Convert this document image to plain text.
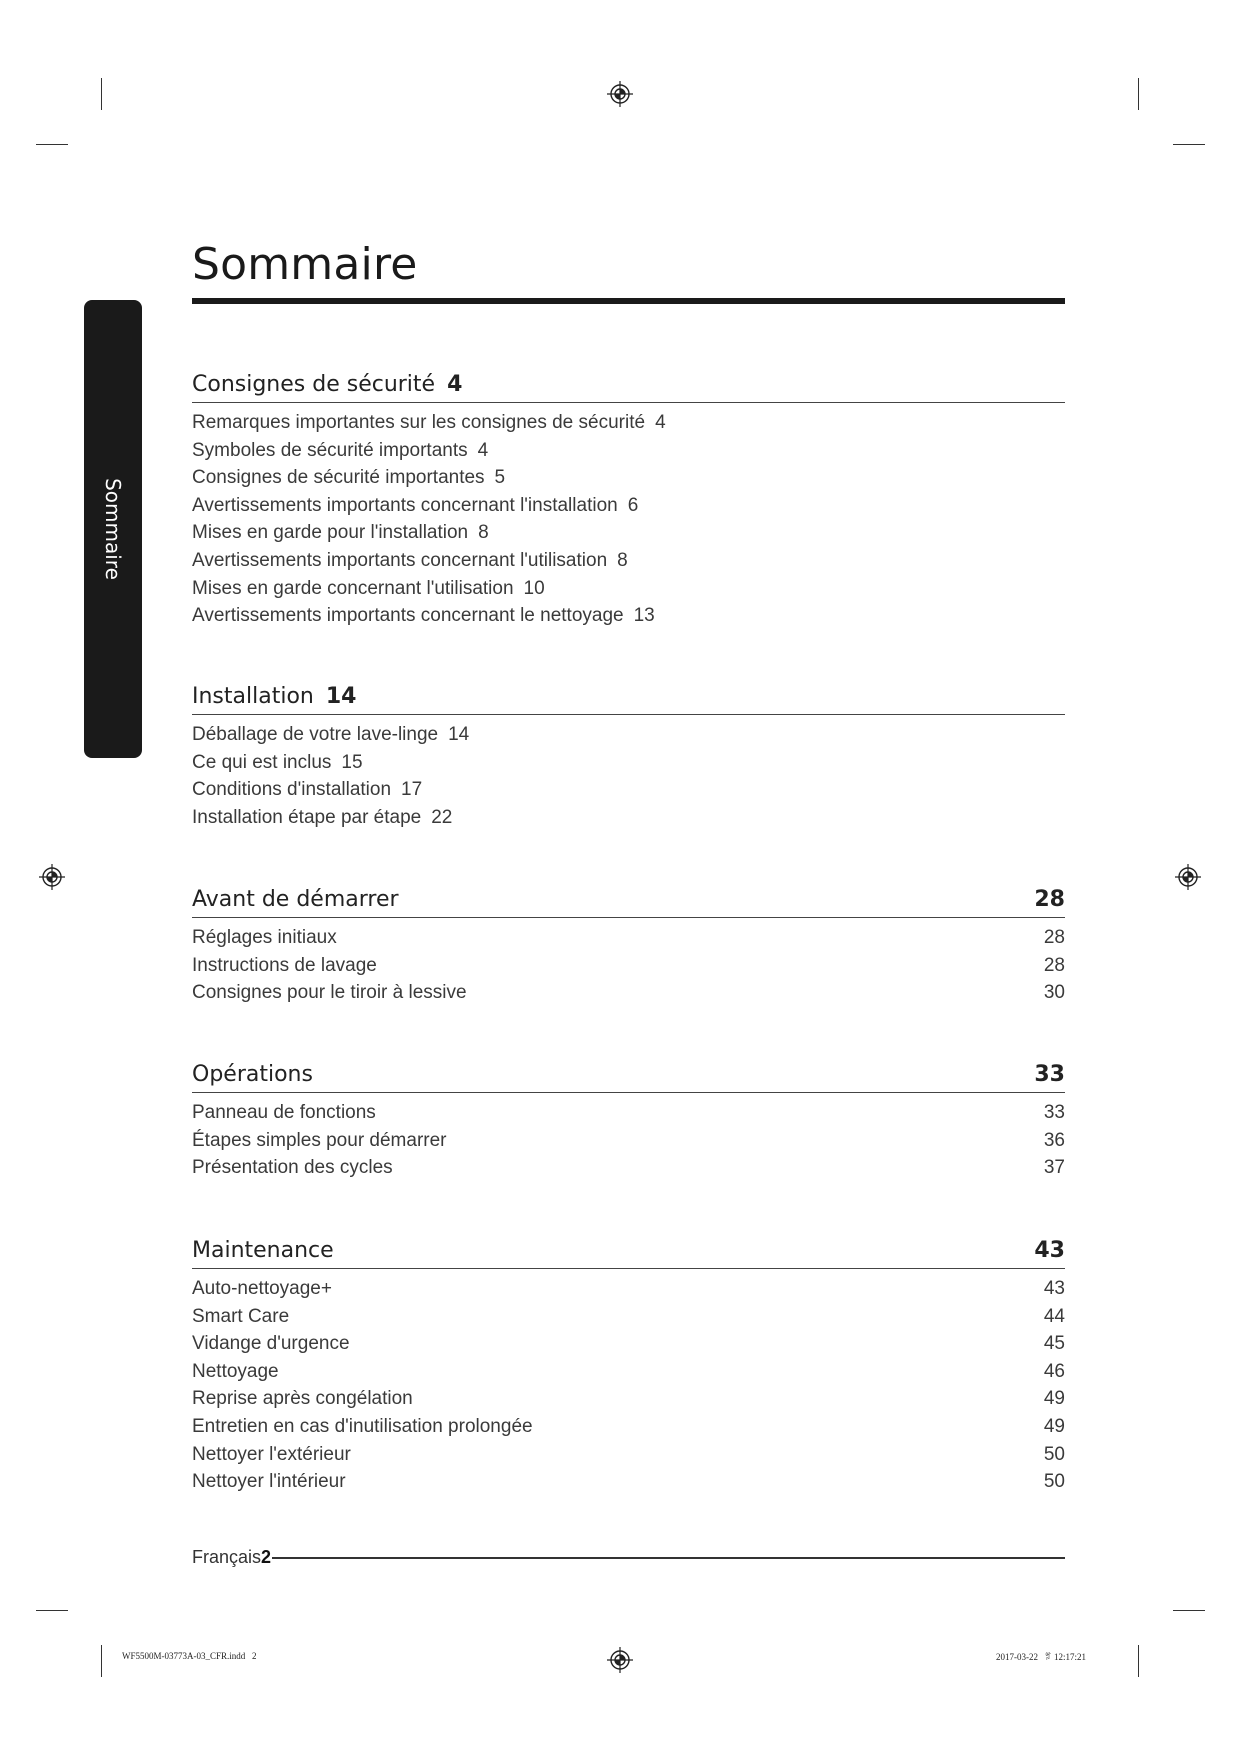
Sommaire
Sommaire
Consignes de sécurité 4
Remarques importantes sur les consignes de sécurité 4
Symboles de sécurité importants 4
Consignes de sécurité importantes 5
Avertissements importants concernant l'installation 6
Mises en garde pour l'installation 8
Avertissements importants concernant l'utilisation 8
Mises en garde concernant l'utilisation 10
Avertissements importants concernant le nettoyage 13
Installation 14
Déballage de votre lave-linge 14
Ce qui est inclus 15
Conditions d'installation 17
Installation étape par étape 22
Avant de démarrer	28
Réglages initiaux	28
Instructions de lavage	28
Consignes pour le tiroir à lessive	30
Opérations	33
Panneau de fonctions	33
Étapes simples pour démarrer	36
Présentation des cycles	37
Maintenance	43
Auto-nettoyage+	43
Smart Care	44
Vidange d'urgence	45
Nettoyage	46
Reprise après congélation	49
Entretien en cas d'inutilisation prolongée	49
Nettoyer l'extérieur	50
Nettoyer l'intérieur	50
Français2
WF5500M-03773A-03_CFR.indd   2	2017-03-22   ꅗ 12:17:21
